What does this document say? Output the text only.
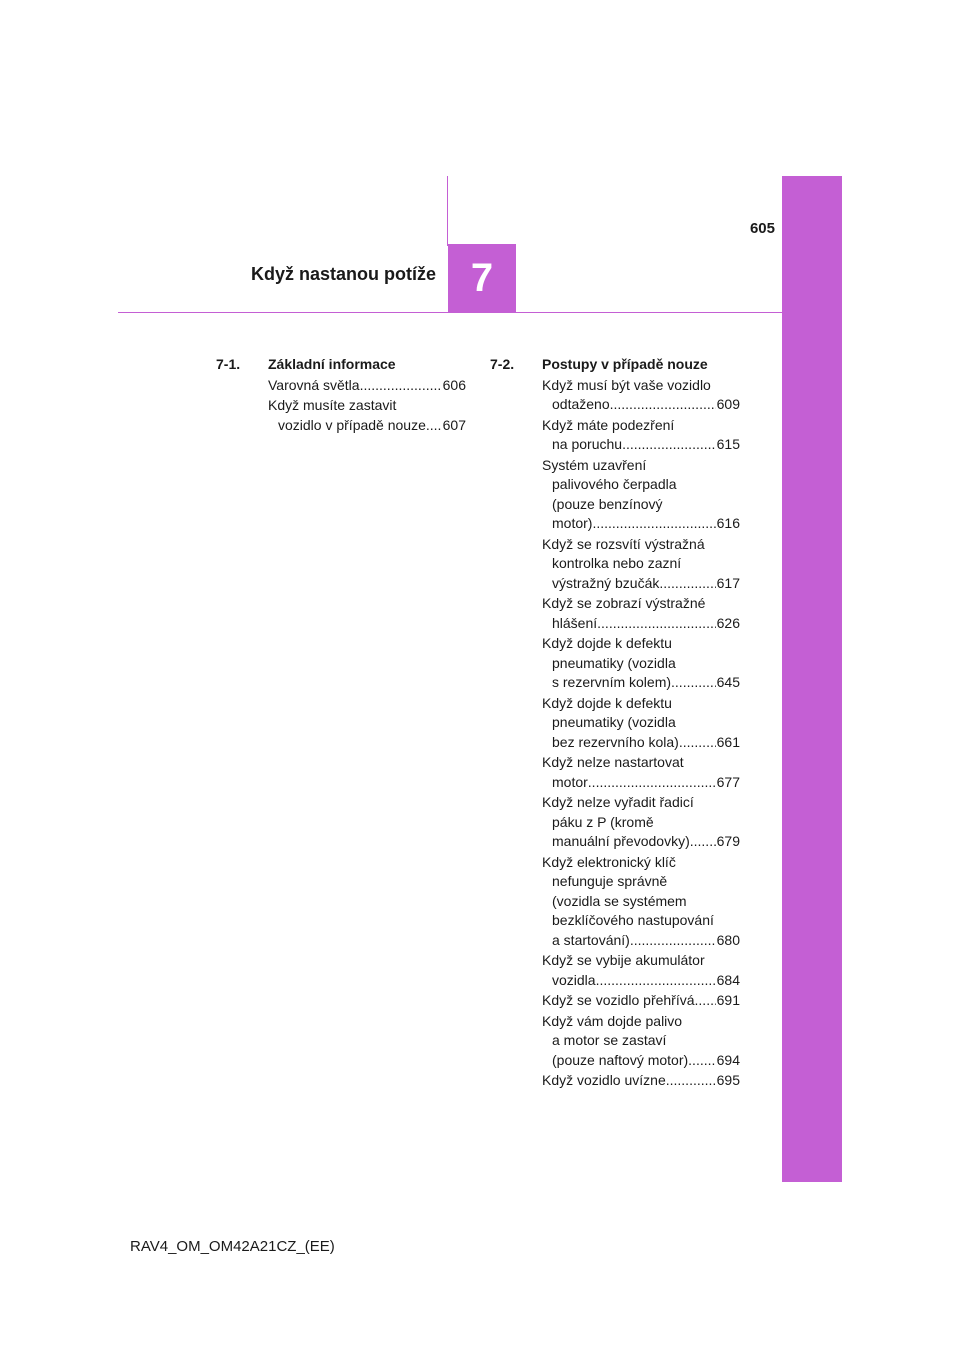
7
Když nastanou potíže
605
7-1.	Základní informace
Varovná světla .....	606
Když musíte zastavit
vozidlo v případě nouze ..... 607
7-2.	Postupy v případě nouze
Když musí být vaše vozidlo
odtaženo .....	609
Když máte podezření
na poruchu .....	615
Systém uzavření
palivového čerpadla
(pouze benzínový
motor) .....	616
Když se rozsvítí výstražná
kontrolka nebo zazní
výstražný bzučák .....	617
Když se zobrazí výstražné
hlášení .....	626
Když dojde k defektu
pneumatiky (vozidla
s rezervním kolem) .....	645
Když dojde k defektu
pneumatiky (vozidla
bez rezervního kola) .....	661
Když nelze nastartovat
motor .....	677
Když nelze vyřadit řadicí
páku z P (kromě
manuální převodovky) ..... 679
Když elektronický klíč
nefunguje správně
(vozidla se systémem
bezklíčového nastupování
a startování) .....	680
Když se vybije akumulátor
vozidla .....	684
Když se vozidlo přehřívá ..... 691
Když vám dojde palivo
a motor se zastaví
(pouze naftový motor) ..... 694
Když vozidlo uvízne .....	695
RAV4_OM_OM42A21CZ_(EE)
